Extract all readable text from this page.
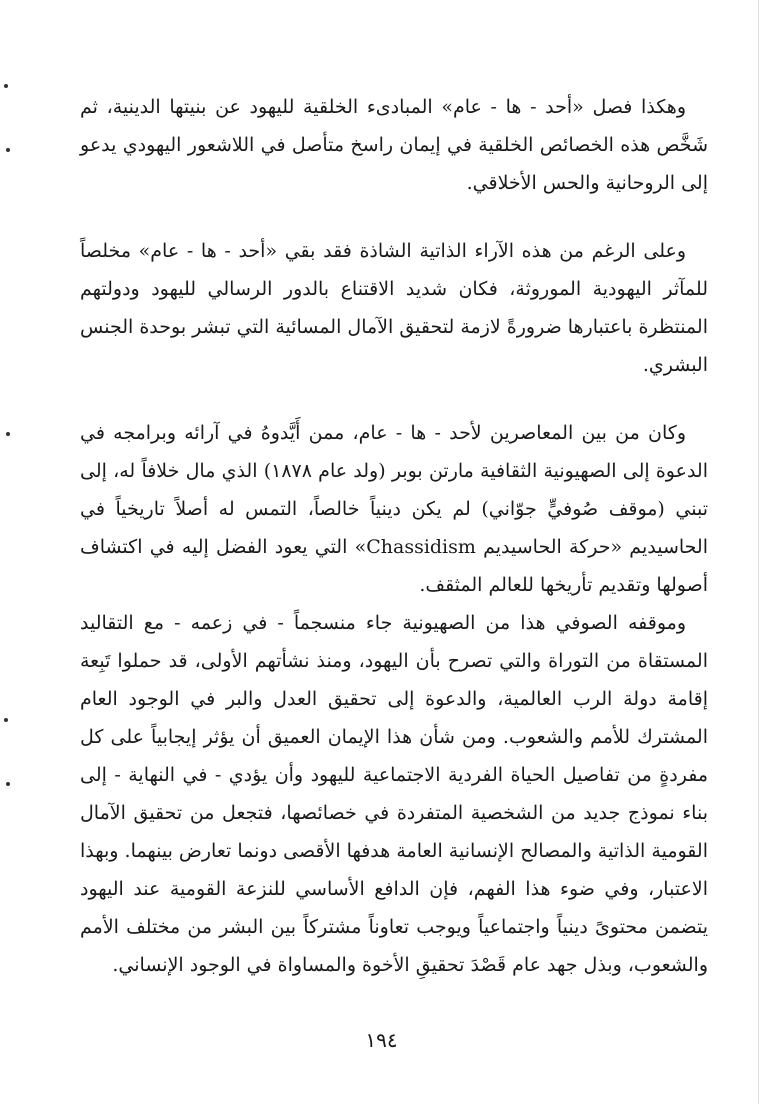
وهكذا فصل «أحد - ها - عام» المبادىء الخلقية لليهود عن بنيتها الدينية، ثم شَخَّص هذه الخصائص الخلقية في إيمان راسخ متأصل في اللاشعور اليهودي يدعو إلى الروحانية والحس الأخلاقي.

وعلى الرغم من هذه الآراء الذاتية الشاذة فقد بقي «أحد - ها - عام» مخلصاً للمآثر اليهودية الموروثة، فكان شديد الاقتناع بالدور الرسالي لليهود ودولتهم المنتظرة باعتبارها ضرورةً لازمة لتحقيق الآمال المسائية التي تبشر بوحدة الجنس البشري.

وكان من بين المعاصرين لأحد - ها - عام، ممن أَيَّدوهُ في آرائه وبرامجه في الدعوة إلى الصهيونية الثقافية مارتن بوبر (ولد عام ١٨٧٨) الذي مال خلافاً له، إلى تبني (موقف صُوفيٍّ جوّاني) لم يكن دينياً خالصاً، التمس له أصلاً تاريخياً في الحاسيديم «حركة الحاسيديم Chassidism» التي يعود الفضل إليه في اكتشاف أصولها وتقديم تأريخها للعالم المثقف.

وموقفه الصوفي هذا من الصهيونية جاء منسجماً - في زعمه - مع التقاليد المستقاة من التوراة والتي تصرح بأن اليهود، ومنذ نشأتهم الأولى، قد حملوا تَبِعة إقامة دولة الرب العالمية، والدعوة إلى تحقيق العدل والبر في الوجود العام المشترك للأمم والشعوب. ومن شأن هذا الإيمان العميق أن يؤثر إيجابياً على كل مفردةٍ من تفاصيل الحياة الفردية الاجتماعية لليهود وأن يؤدي - في النهاية - إلى بناء نموذج جديد من الشخصية المتفردة في خصائصها، فتجعل من تحقيق الآمال القومية الذاتية والمصالح الإنسانية العامة هدفها الأقصى دونما تعارض بينهما. وبهذا الاعتبار، وفي ضوء هذا الفهم، فإن الدافع الأساسي للنزعة القومية عند اليهود يتضمن محتوىً دينياً واجتماعياً ويوجب تعاوناً مشتركاً بين البشر من مختلف الأمم والشعوب، وبذل جهد عام قَصْدَ تحقيقِ الأخوة والمساواة في الوجود الإنساني.

١٩٤
